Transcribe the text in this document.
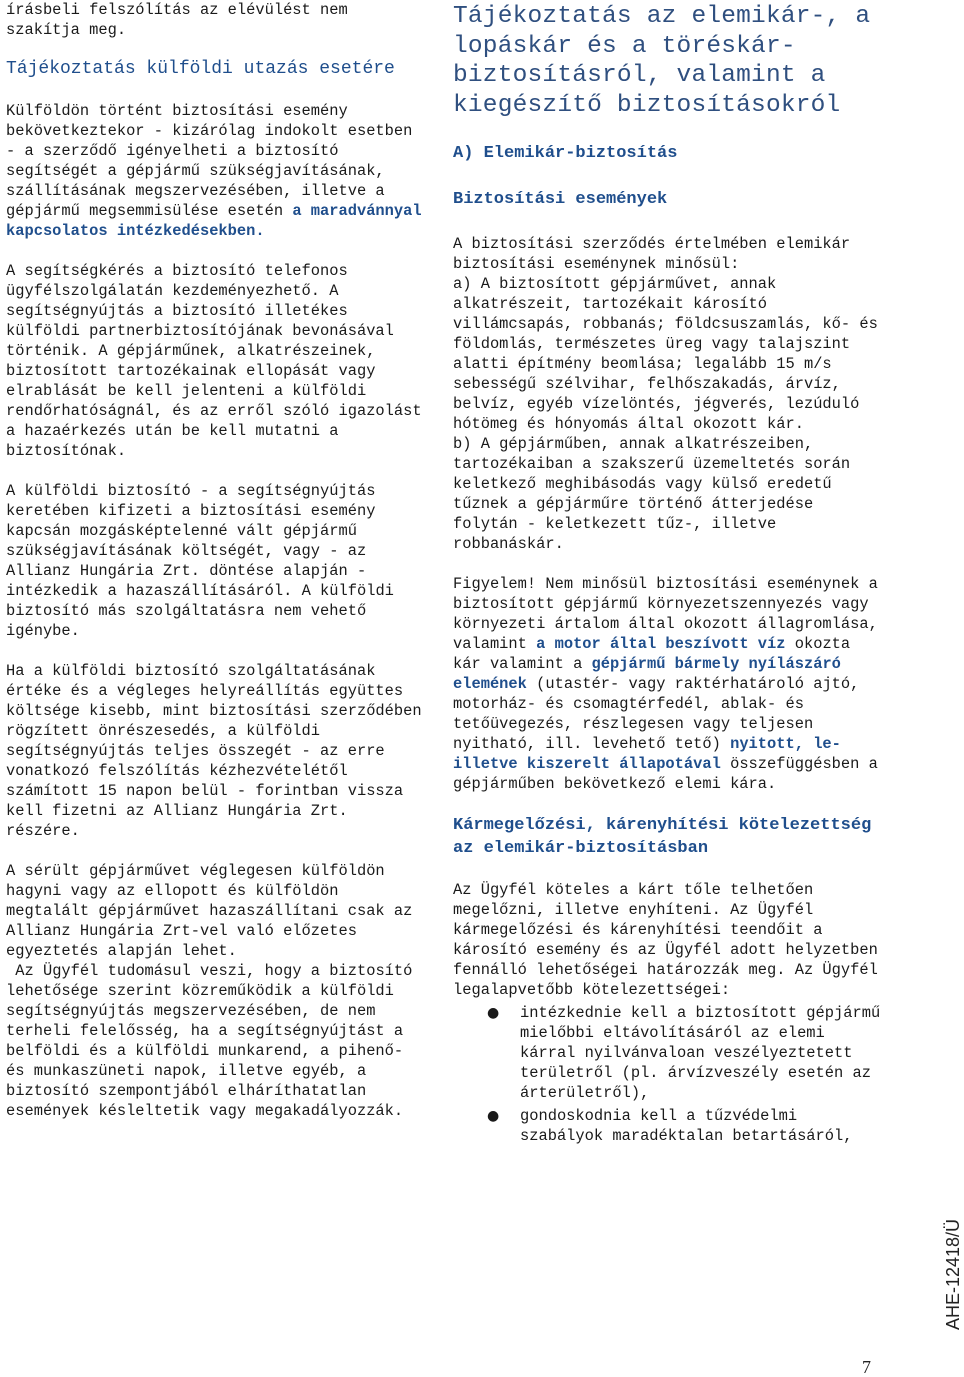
írásbeli felszólítás az elévülést nem szakítja meg.

Tájékoztatás külföldi utazás esetére

Külföldön történt biztosítási esemény bekövetkeztekor - kizárólag indokolt esetben - a szerződő igényelheti a biztosító segítségét a gépjármű szükségjavításának, szállításának megszervezésében, illetve a gépjármű megsemmisülése esetén a maradvánnyal kapcsolatos intézkedésekben.

A segítségkérés a biztosító telefonos ügyfélszolgálatán kezdeményezhető. A segítségnyújtás a biztosító illetékes külföldi partnerbiztosítójának bevonásával történik. A gépjárműnek, alkatrészeinek, biztosított tartozékainak ellopását vagy elrablását be kell jelenteni a külföldi rendőrhatóságnál, és az erről szóló igazolást a hazaérkezés után be kell mutatni a biztosítónak.

A külföldi biztosító - a segítségnyújtás keretében kifizeti a biztosítási esemény kapcsán mozgásképtelenné vált gépjármű szükségjavításának költségét, vagy - az Allianz Hungária Zrt. döntése alapján - intézkedik a hazaszállításáról. A külföldi biztosító más szolgáltatásra nem vehető igénybe.

Ha a külföldi biztosító szolgáltatásának értéke és a végleges helyreállítás együttes költsége kisebb, mint biztosítási szerződében rögzített önrészesedés, a külföldi segítségnyújtás teljes összegét - az erre vonatkozó felszólítás kézhezvételétől számított 15 napon belül - forintban vissza kell fizetni az Allianz Hungária Zrt. részére.

A sérült gépjárművet véglegesen külföldön hagyni vagy az ellopott és külföldön megtalált gépjárművet hazaszállítani csak az Allianz Hungária Zrt-vel való előzetes egyeztetés alapján lehet.

Az Ügyfél tudomásul veszi, hogy a biztosító lehetősége szerint közreműködik a külföldi segítségnyújtás megszervezésében, de nem terheli felelősség, ha a segítségnyújtást a belföldi és a külföldi munkarend, a pihenő- és munkaszüneti napok, illetve egyéb, a biztosító szempontjából elháríthatatlan események késleltetik vagy megakadályozzák.

Tájékoztatás az elemikár-, a lopáskár és a töréskár-biztosításról, valamint a kiegészítő biztosításokról

A) Elemikár-biztosítás

Biztosítási események

A biztosítási szerződés értelmében elemikár biztosítási eseménynek minősül:

a) A biztosított gépjárművet, annak alkatrészeit, tartozékait károsító villámcsapás, robbanás; földcsuszamlás, kő- és földomlás, természetes üreg vagy talajszint alatti építmény beomlása; legalább 15 m/s sebességű szélvihar, felhőszakadás, árvíz, belvíz, egyéb vízelöntés, jégverés, lezúduló hótömeg és hónyomás által okozott kár.

b) A gépjárműben, annak alkatrészeiben, tartozékaiban a szakszerű üzemeltetés során keletkező meghibásodás vagy külső eredetű tűznek a gépjárműre történő átterjedése folytán - keletkezett tűz-, illetve robbanáskár.

Figyelem! Nem minősül biztosítási eseménynek a biztosított gépjármű környezetszennyezés vagy környezeti ártalom által okozott állagromlása, valamint a motor által beszívott víz okozta kár valamint a gépjármű bármely nyílászáró elemének (utastér- vagy raktérhatároló ajtó, motorház- és csomagtérfedél, ablak- és tetőüvegezés, részlegesen vagy teljesen nyitható, ill. levehető tető) nyitott, le- illetve kiszerelt állapotával összefüggésben a gépjárműben bekövetkező elemi kára.

Kármegelőzési, kárenyhítési kötelezettség az elemikár-biztosításban

Az Ügyfél köteles a kárt tőle telhetően megelőzni, illetve enyhíteni. Az Ügyfél kármegelőzési és kárenyhítési teendőit a károsító esemény és az Ügyfél adott helyzetben fennálló lehetőségei határozzák meg. Az Ügyfél legalapvetőbb kötelezettségei:

● intézkednie kell a biztosított gépjármű mielőbbi eltávolításáról az elemi kárral nyilvánvaloan veszélyeztetett területről (pl. árvízveszély esetén az árterületről),
● gondoskodnia kell a tűzvédelmi szabályok maradéktalan betartásáról,
AHE-12418/Ü
7
